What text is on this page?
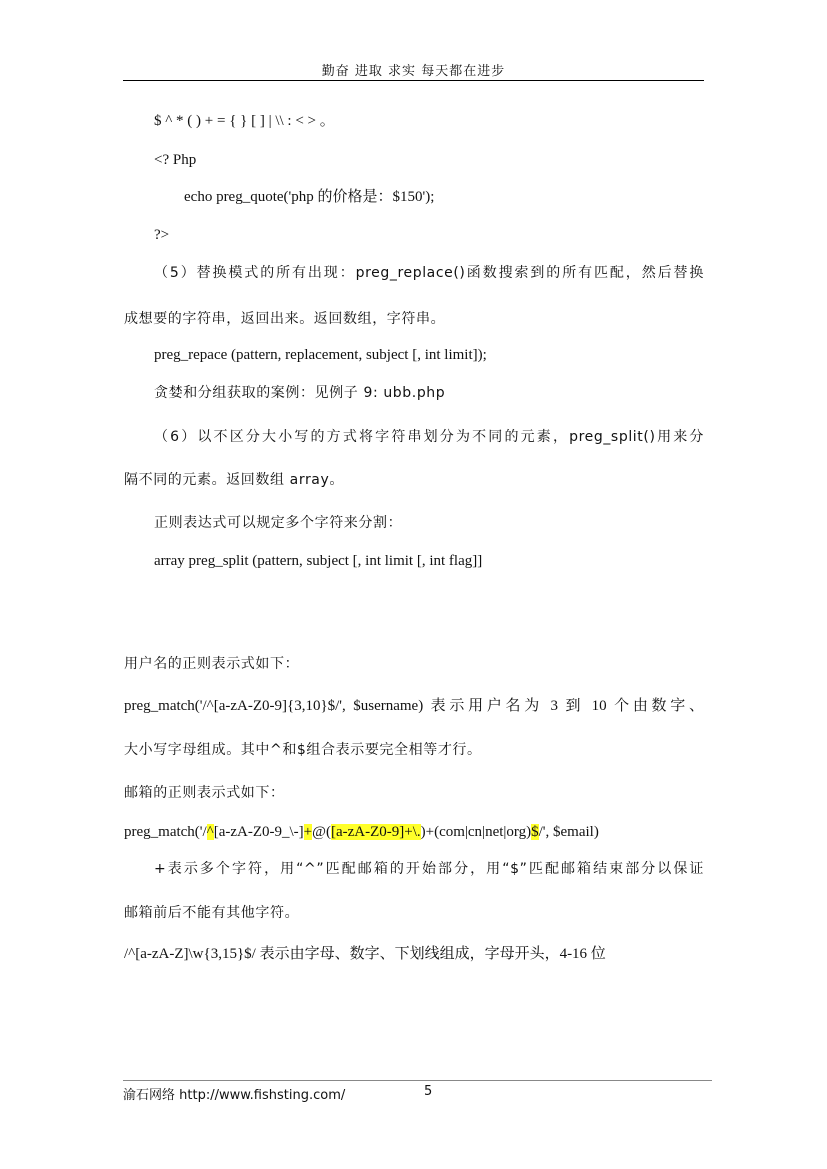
勤奋 进取 求实 每天都在进步
$ ^ * ( ) + = { } [ ] | \\ : < > 。
<? Php
echo preg_quote('php 的价格是：$150');
?>
（5）替换模式的所有出现：preg_replace()函数搜索到的所有匹配，然后替换
成想要的字符串，返回出来。返回数组，字符串。
preg_repace (pattern, replacement, subject [, int limit]);
贪婪和分组获取的案例：见例子 9: ubb.php
（6）以不区分大小写的方式将字符串划分为不同的元素，preg_split()用来分
隔不同的元素。返回数组 array。
正则表达式可以规定多个字符来分割：
array preg_split (pattern, subject [, int limit [, int flag]]
用户名的正则表示式如下：
preg_match('/^[a-zA-Z0-9]{3,10}$/', $username) 表示用户名为 3 到 10 个由数字、
大小写字母组成。其中^和$组合表示要完全相等才行。
邮箱的正则表示式如下：
preg_match('/^[a-zA-Z0-9_\-]+@([a-zA-Z0-9]+\.)+(com|cn|net|org)$/', $email)
+表示多个字符，用“^”匹配邮箱的开始部分，用“$”匹配邮箱结束部分以保证
邮箱前后不能有其他字符。
/^[a-zA-Z]\w{3,15}$/ 表示由字母、数字、下划线组成，字母开头，4-16 位
渝石网络 http://www.fishsting.com/	5
